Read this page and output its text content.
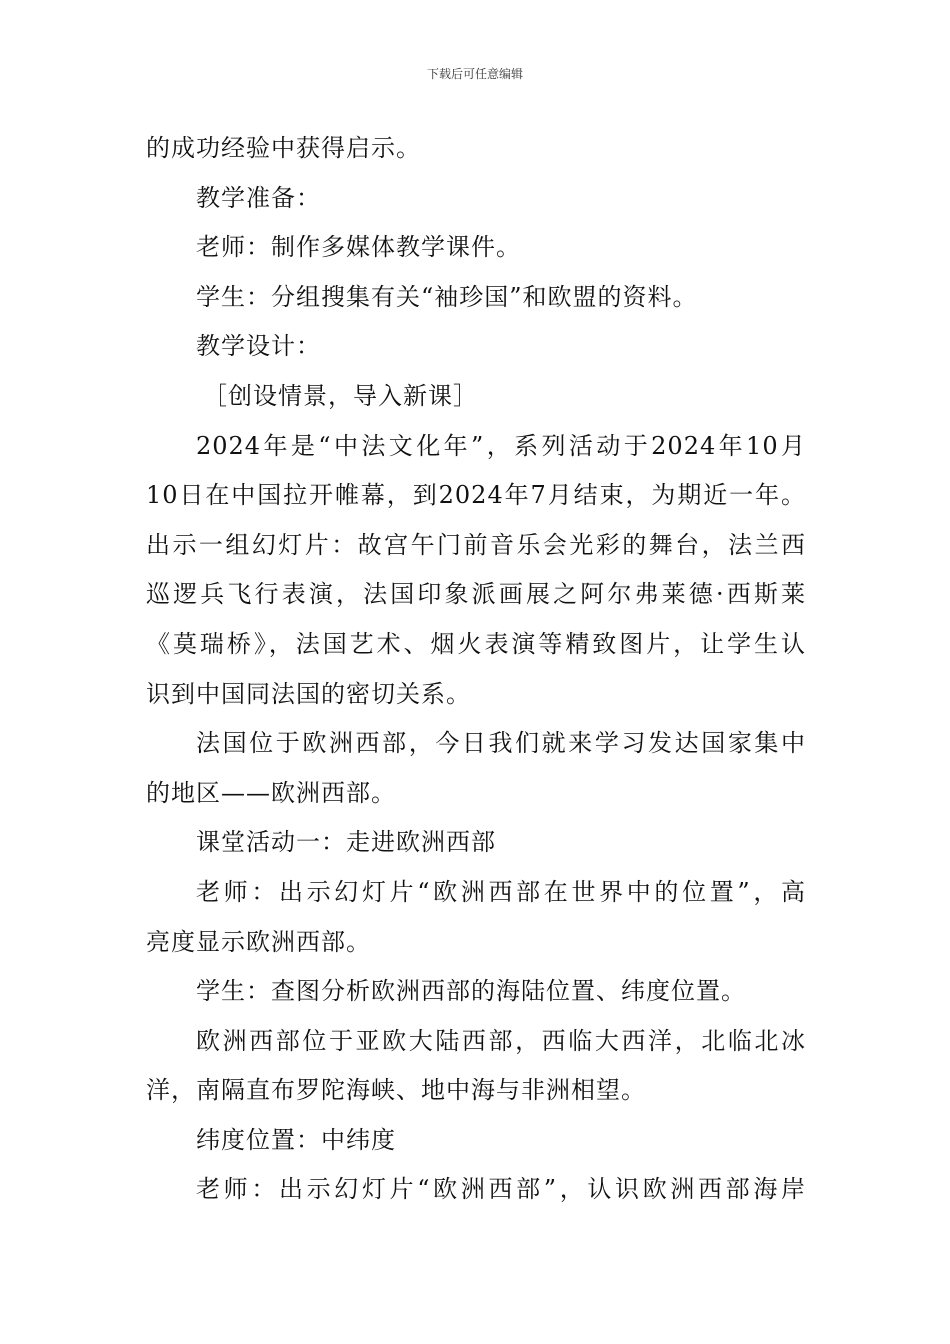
下载后可任意编辑
的成功经验中获得启示。
教学准备：
老师：制作多媒体教学课件。
学生：分组搜集有关“袖珍国”和欧盟的资料。
教学设计：
［创设情景，导入新课］
2024年是“中法文化年”，系列活动于2024年10月
10日在中国拉开帷幕，到2024年7月结束，为期近一年。
出示一组幻灯片：故宫午门前音乐会光彩的舞台，法兰西
巡逻兵飞行表演，法国印象派画展之阿尔弗莱德·西斯莱
《莫瑞桥》，法国艺术、烟火表演等精致图片，让学生认
识到中国同法国的密切关系。
法国位于欧洲西部，今日我们就来学习发达国家集中
的地区——欧洲西部。
课堂活动一：走进欧洲西部
老师：出示幻灯片“欧洲西部在世界中的位置”，高
亮度显示欧洲西部。
学生：查图分析欧洲西部的海陆位置、纬度位置。
欧洲西部位于亚欧大陆西部，西临大西洋，北临北冰
洋，南隔直布罗陀海峡、地中海与非洲相望。
纬度位置：中纬度
老师：出示幻灯片“欧洲西部”，认识欧洲西部海岸
